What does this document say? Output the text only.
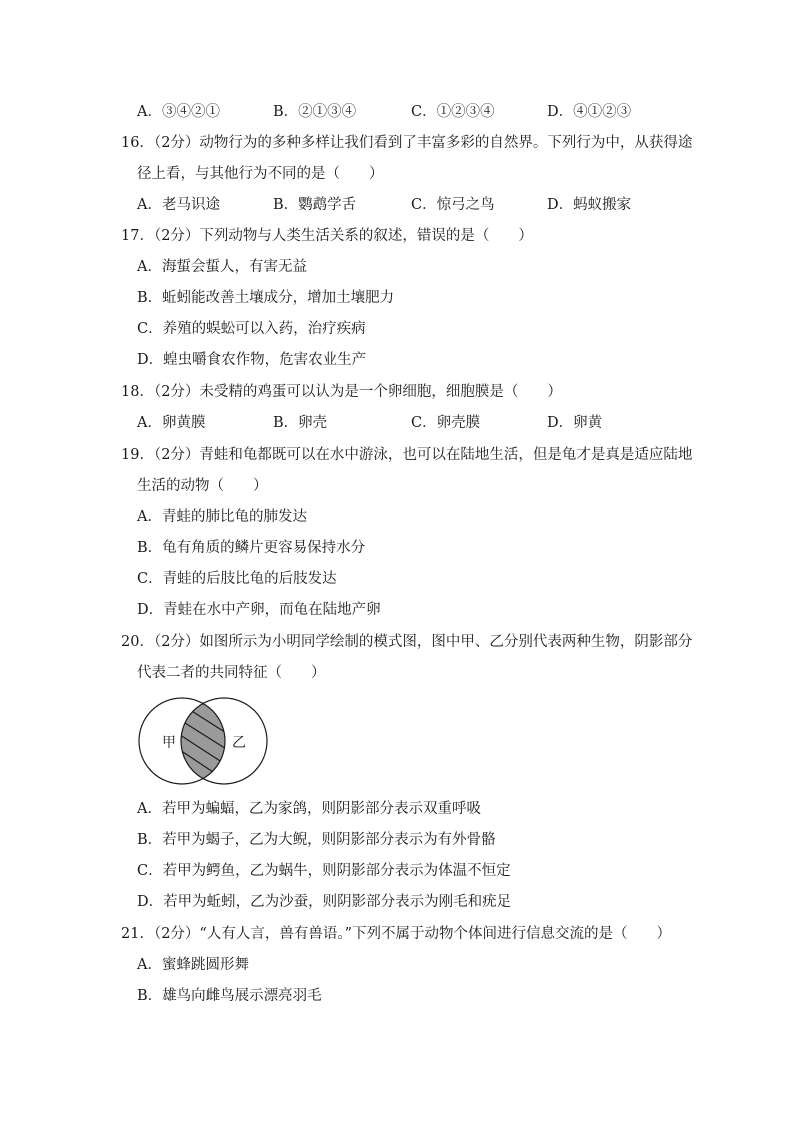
A．③④②①	B．②①③④	C．①②③④	D．④①②③
16．（2分）动物行为的多种多样让我们看到了丰富多彩的自然界。下列行为中，从获得途
径上看，与其他行为不同的是（　　）
A．老马识途	B．鹦鹉学舌	C．惊弓之鸟	D．蚂蚁搬家
17．（2分）下列动物与人类生活关系的叙述，错误的是（　　）
A．海蜇会蜇人，有害无益
B．蚯蚓能改善土壤成分，增加土壤肥力
C．养殖的蜈蚣可以入药，治疗疾病
D．蝗虫嚼食农作物，危害农业生产
18．（2分）未受精的鸡蛋可以认为是一个卵细胞，细胞膜是（　　）
A．卵黄膜	B．卵壳	C．卵壳膜	D．卵黄
19．（2分）青蛙和龟都既可以在水中游泳，也可以在陆地生活，但是龟才是真是适应陆地
生活的动物（　　）
A．青蛙的肺比龟的肺发达
B．龟有角质的鳞片更容易保持水分
C．青蛙的后肢比龟的后肢发达
D．青蛙在水中产卵，而龟在陆地产卵
20．（2分）如图所示为小明同学绘制的模式图，图中甲、乙分别代表两种生物，阴影部分
代表二者的共同特征（　　）
甲	乙
A．若甲为蝙蝠，乙为家鸽，则阴影部分表示双重呼吸
B．若甲为蝎子，乙为大鲵，则阴影部分表示为有外骨骼
C．若甲为鳄鱼，乙为蜗牛，则阴影部分表示为体温不恒定
D．若甲为蚯蚓，乙为沙蚕，则阴影部分表示为刚毛和疣足
21．（2分）“人有人言，兽有兽语。”下列不属于动物个体间进行信息交流的是（　　）
A．蜜蜂跳圆形舞
B．雄鸟向雌鸟展示漂亮羽毛
